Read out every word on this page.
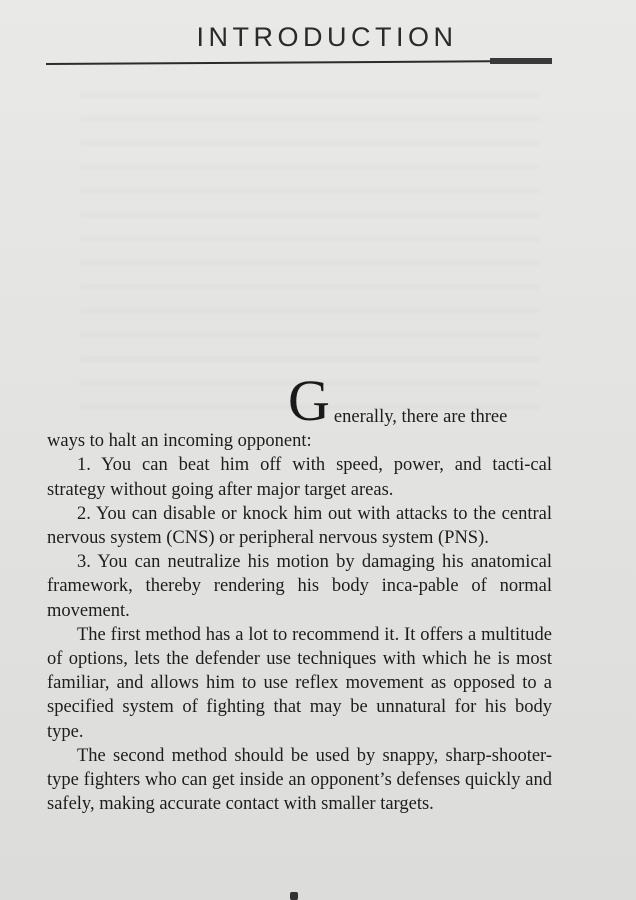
INTRODUCTION
G enerally, there are three
ways to halt an incoming opponent:

1. You can beat him off with speed, power, and tacti-cal strategy without going after major target areas.

2. You can disable or knock him out with attacks to the central nervous system (CNS) or peripheral nervous system (PNS).

3. You can neutralize his motion by damaging his anatomical framework, thereby rendering his body inca-pable of normal movement.

The first method has a lot to recommend it. It offers a multitude of options, lets the defender use techniques with which he is most familiar, and allows him to use reflex movement as opposed to a specified system of fighting that may be unnatural for his body type.

The second method should be used by snappy, sharp-shooter-type fighters who can get inside an opponent’s defenses quickly and safely, making accurate contact with smaller targets.
